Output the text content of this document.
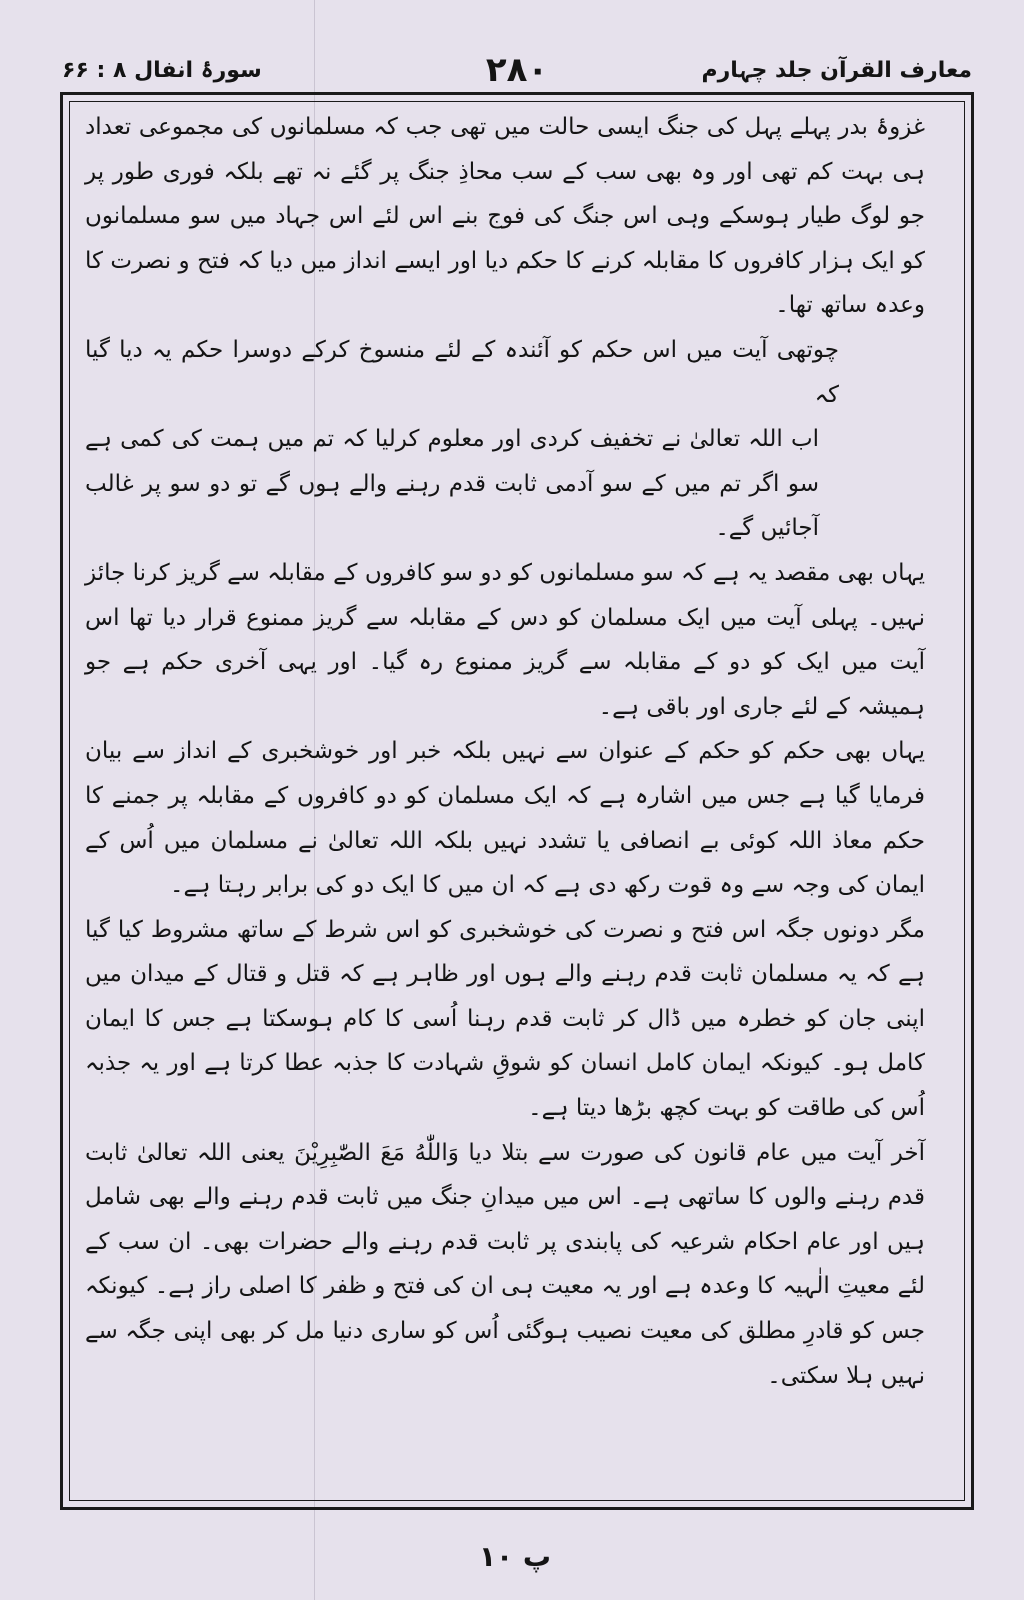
معارف القرآن جلد چہارم
۲۸۰
سورۂ انفال ۸ : ۶۶

غزوۂ بدر پہلے پہل کی جنگ ایسی حالت میں تھی جب کہ مسلمانوں کی مجموعی تعداد ہی بہت کم تھی اور وہ بھی سب کے سب محاذِ جنگ پر گئے نہ تھے بلکہ فوری طور پر جو لوگ طیار ہوسکے وہی اس جنگ کی فوج بنے اس لئے اس جہاد میں سو مسلمانوں کو ایک ہزار کافروں کا مقابلہ کرنے کا حکم دیا اور ایسے انداز میں دیا کہ فتح و نصرت کا وعدہ ساتھ تھا۔

چوتھی آیت میں اس حکم کو آئندہ کے لئے منسوخ کرکے دوسرا حکم یہ دیا گیا کہ

اب اللہ تعالیٰ نے تخفیف کردی اور معلوم کرلیا کہ تم میں ہمت کی کمی ہے سو اگر تم میں کے سو آدمی ثابت قدم رہنے والے ہوں گے تو دو سو پر غالب آجائیں گے۔

یہاں بھی مقصد یہ ہے کہ سو مسلمانوں کو دو سو کافروں کے مقابلہ سے گریز کرنا جائز نہیں۔ پہلی آیت میں ایک مسلمان کو دس کے مقابلہ سے گریز ممنوع قرار دیا تھا اس آیت میں ایک کو دو کے مقابلہ سے گریز ممنوع رہ گیا۔ اور یہی آخری حکم ہے جو ہمیشہ کے لئے جاری اور باقی ہے۔

یہاں بھی حکم کو حکم کے عنوان سے نہیں بلکہ خبر اور خوشخبری کے انداز سے بیان فرمایا گیا ہے جس میں اشارہ ہے کہ ایک مسلمان کو دو کافروں کے مقابلہ پر جمنے کا حکم معاذ اللہ کوئی بے انصافی یا تشدد نہیں بلکہ اللہ تعالیٰ نے مسلمان میں اُس کے ایمان کی وجہ سے وہ قوت رکھ دی ہے کہ ان میں کا ایک دو کی برابر رہتا ہے۔

مگر دونوں جگہ اس فتح و نصرت کی خوشخبری کو اس شرط کے ساتھ مشروط کیا گیا ہے کہ یہ مسلمان ثابت قدم رہنے والے ہوں اور ظاہر ہے کہ قتل و قتال کے میدان میں اپنی جان کو خطرہ میں ڈال کر ثابت قدم رہنا اُسی کا کام ہوسکتا ہے جس کا ایمان کامل ہو۔ کیونکہ ایمان کامل انسان کو شوقِ شہادت کا جذبہ عطا کرتا ہے اور یہ جذبہ اُس کی طاقت کو بہت کچھ بڑھا دیتا ہے۔

آخر آیت میں عام قانون کی صورت سے بتلا دیا وَاللّٰهُ مَعَ الصّٰبِرِيْنَ یعنی اللہ تعالیٰ ثابت قدم رہنے والوں کا ساتھی ہے۔ اس میں میدانِ جنگ میں ثابت قدم رہنے والے بھی شامل ہیں اور عام احکام شرعیہ کی پابندی پر ثابت قدم رہنے والے حضرات بھی۔ ان سب کے لئے معیتِ الٰہیہ کا وعدہ ہے اور یہ معیت ہی ان کی فتح و ظفر کا اصلی راز ہے۔ کیونکہ جس کو قادرِ مطلق کی معیت نصیب ہوگئی اُس کو ساری دنیا مل کر بھی اپنی جگہ سے نہیں ہلا سکتی۔

پ ۱۰
